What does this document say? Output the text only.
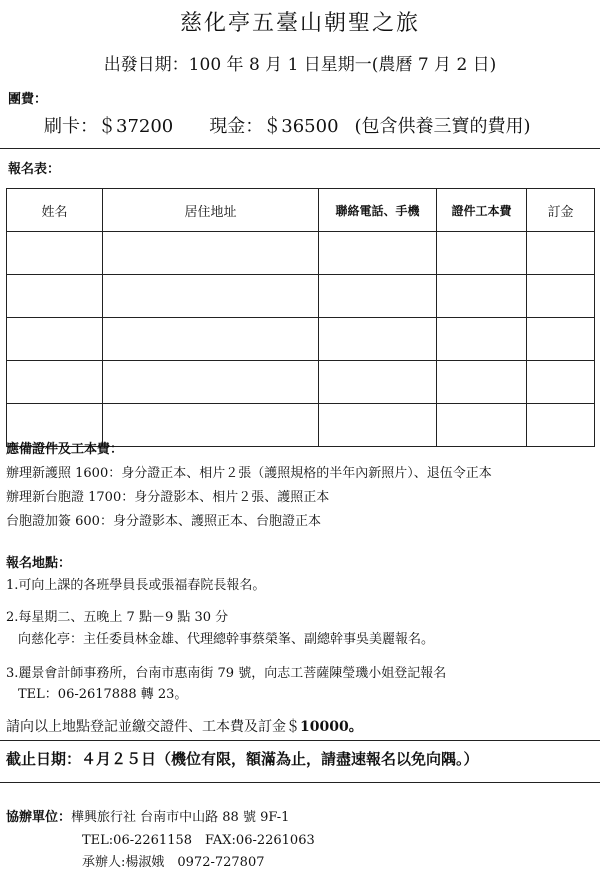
慈化亭五臺山朝聖之旅
出發日期：100 年 8 月 1 日星期一(農曆 7 月 2 日)
團費：
刷卡：＄37200 現金：＄36500 (包含供養三寶的費用)
報名表：
姓名	居住地址	聯絡電話、手機	證件工本費	訂金

應備證件及工本費：
辦理新護照 1600：身分證正本、相片２張（護照規格的半年內新照片）、退伍令正本
辦理新台胞證 1700：身分證影本、相片２張、護照正本
台胞證加簽 600：身分證影本、護照正本、台胞證正本
報名地點：
1.可向上課的各班學員長或張福春院長報名。
2.每星期二、五晚上 7 點－9 點 30 分
向慈化亭：主任委員林金雄、代理總幹事蔡榮峯、副總幹事吳美麗報名。
3.麗景會計師事務所，台南市惠南街 79 號，向志工菩薩陳瑩璣小姐登記報名
TEL：06-2617888 轉 23。
請向以上地點登記並繳交證件、工本費及訂金＄10000。
截止日期：４月２５日（機位有限，額滿為止，請盡速報名以免向隅。）
協辦單位：樺興旅行社 台南市中山路 88 號 9F-1
TEL:06-2261158　FAX:06-2261063
承辦人:楊淑娥　0972-727807
